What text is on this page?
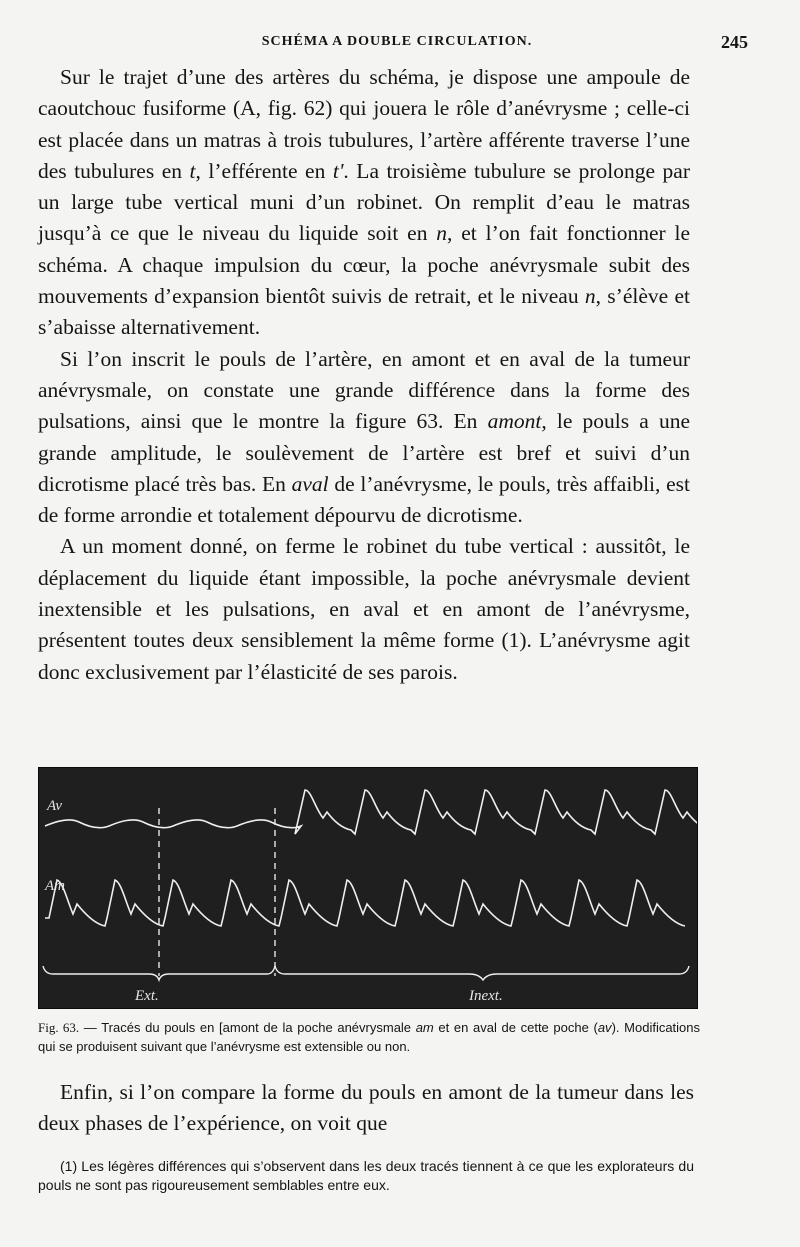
SCHÉMA A DOUBLE CIRCULATION.	245

Sur le trajet d’une des artères du schéma, je dispose une ampoule de caoutchouc fusiforme (A, fig. 62) qui jouera le rôle d’anévrysme ; celle-ci est placée dans un matras à trois tubulures, l’artère afférente traverse l’une des tubulures en t, l’efférente en t'. La troisième tubulure se prolonge par un large tube vertical muni d’un robinet. On remplit d’eau le matras jusqu’à ce que le niveau du liquide soit en n, et l’on fait fonctionner le schéma. A chaque impulsion du cœur, la poche anévrysmale subit des mouvements d’expansion bientôt suivis de retrait, et le niveau n, s’élève et s’abaisse alternativement.

Si l’on inscrit le pouls de l’artère, en amont et en aval de la tumeur anévrysmale, on constate une grande différence dans la forme des pulsations, ainsi que le montre la figure 63. En amont, le pouls a une grande amplitude, le soulèvement de l’artère est bref et suivi d’un dicrotisme placé très bas. En aval de l’anévrysme, le pouls, très affaibli, est de forme arrondie et totalement dépourvu de dicrotisme.

A un moment donné, on ferme le robinet du tube vertical : aussitôt, le déplacement du liquide étant impossible, la poche anévrysmale devient inextensible et les pulsations, en aval et en amont de l’anévrysme, présentent toutes deux sensiblement la même forme (1). L’anévrysme agit donc exclusivement par l’élasticité de ses parois.

Av
Am
Ext.	Inext.
Fig. 63. — Tracés du pouls en [amont de la poche anévrysmale am et en aval de cette poche (av). Modifications qui se produisent suivant que l’anévrysme est extensible ou non.

Enfin, si l’on compare la forme du pouls en amont de la tumeur dans les deux phases de l’expérience, on voit que

(1) Les légères différences qui s’observent dans les deux tracés tiennent à ce que les explorateurs du pouls ne sont pas rigoureusement semblables entre eux.
